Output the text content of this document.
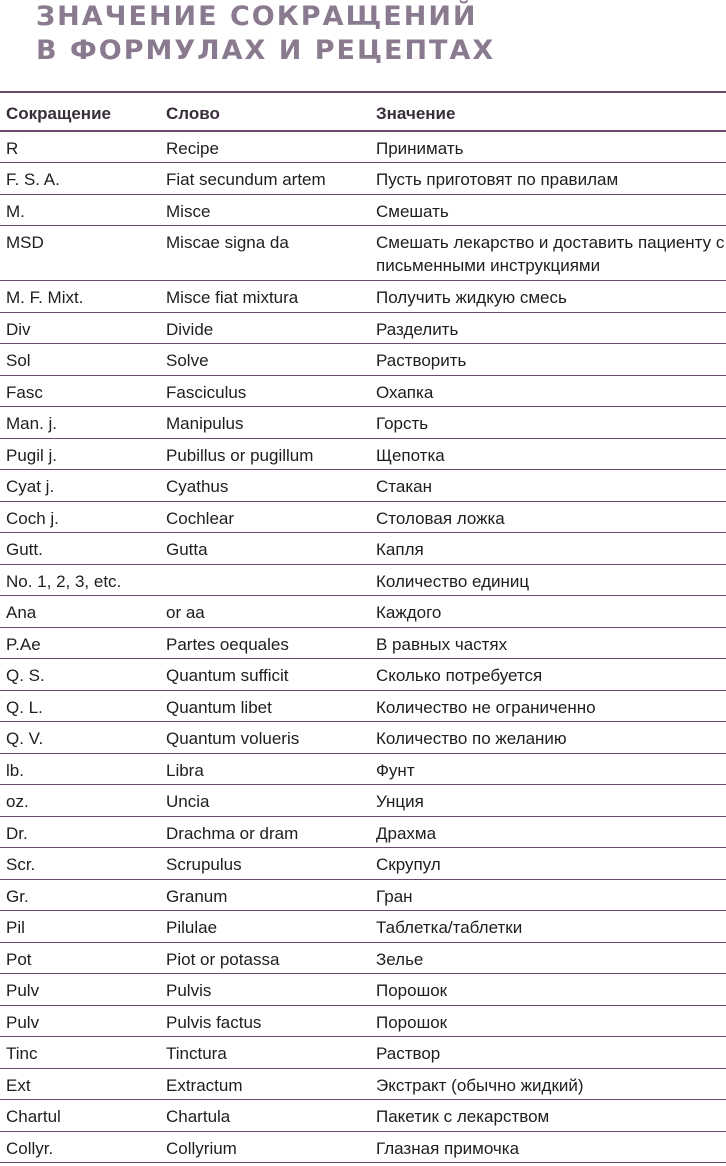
ЗНАЧЕНИЕ СОКРАЩЕНИЙ
В ФОРМУЛАХ И РЕЦЕПТАХ
Сокращение	Слово	Значение
R	Recipe	Принимать
F. S. A.	Fiat secundum artem	Пусть приготовят по правилам
M.	Misce	Смешать
MSD	Miscae signa da	Смешать лекарство и доставить пациенту с письменными инструкциями
M. F. Mixt.	Misce fiat mixtura	Получить жидкую смесь
Div	Divide	Разделить
Sol	Solve	Растворить
Fasc	Fasciculus	Охапка
Man. j.	Manipulus	Горсть
Pugil j.	Pubillus or pugillum	Щепотка
Cyat j.	Cyathus	Стакан
Coch j.	Cochlear	Столовая ложка
Gutt.	Gutta	Капля
No. 1, 2, 3, etc.		Количество единиц
Ana	or aa	Каждого
P.Ae	Partes oequales	В равных частях
Q. S.	Quantum sufficit	Сколько потребуется
Q. L.	Quantum libet	Количество не ограниченно
Q. V.	Quantum volueris	Количество по желанию
lb.	Libra	Фунт
oz.	Uncia	Унция
Dr.	Drachma or dram	Драхма
Scr.	Scrupulus	Скрупул
Gr.	Granum	Гран
Pil	Pilulae	Таблетка/таблетки
Pot	Piot or potassa	Зелье
Pulv	Pulvis	Порошок
Pulv	Pulvis factus	Порошок
Tinc	Tinctura	Раствор
Ext	Extractum	Экстракт (обычно жидкий)
Chartul	Chartula	Пакетик с лекарством
Collyr.	Collyrium	Глазная примочка
